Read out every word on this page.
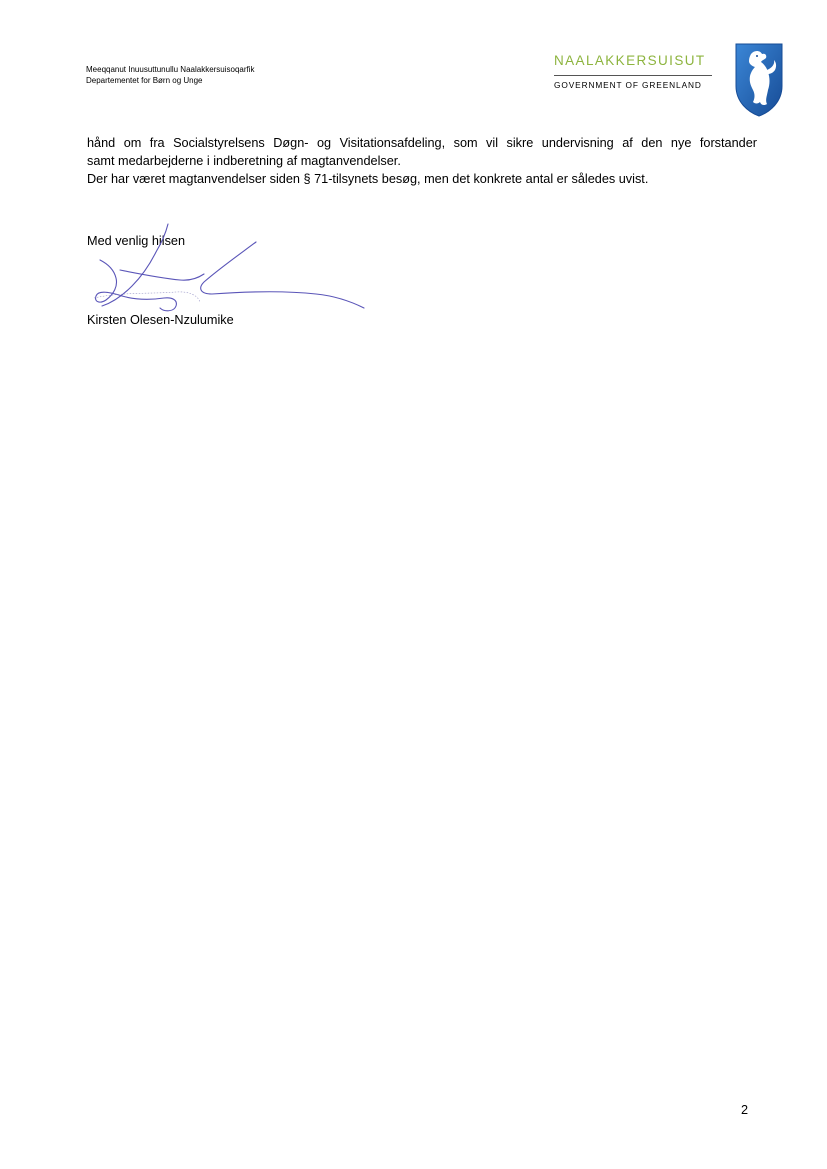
Meeqqanut Inuusuttunullu Naalakkersuisoqarfik
Departementet for Børn og Unge
NAALAKKERSUISUT
GOVERNMENT OF GREENLAND

hånd om fra Socialstyrelsens Døgn- og Visitationsafdeling, som vil sikre undervisning af den nye forstander

samt medarbejderne i indberetning af magtanvendelser.

Der har været magtanvendelser siden § 71-tilsynets besøg, men det konkrete antal er således uvist.

Med venlig hilsen
Kirsten Olesen-Nzulumike
2
